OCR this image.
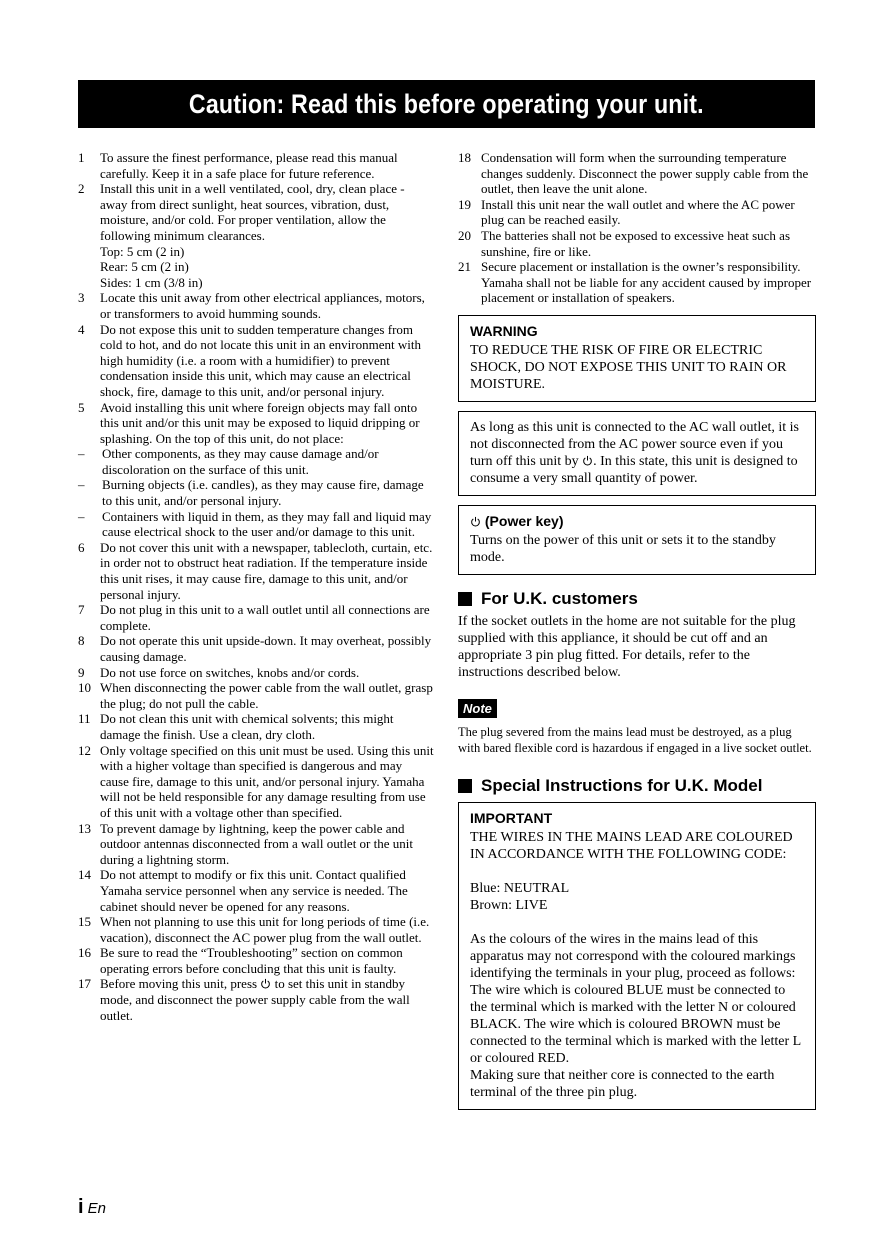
Caution: Read this before operating your unit.
1 To assure the finest performance, please read this manual carefully. Keep it in a safe place for future reference.
2 Install this unit in a well ventilated, cool, dry, clean place - away from direct sunlight, heat sources, vibration, dust, moisture, and/or cold. For proper ventilation, allow the following minimum clearances.
Top: 5 cm (2 in)
Rear: 5 cm (2 in)
Sides: 1 cm (3/8 in)
3 Locate this unit away from other electrical appliances, motors, or transformers to avoid humming sounds.
4 Do not expose this unit to sudden temperature changes from cold to hot, and do not locate this unit in an environment with high humidity (i.e. a room with a humidifier) to prevent condensation inside this unit, which may cause an electrical shock, fire, damage to this unit, and/or personal injury.
5 Avoid installing this unit where foreign objects may fall onto this unit and/or this unit may be exposed to liquid dripping or splashing. On the top of this unit, do not place:
– Other components, as they may cause damage and/or discoloration on the surface of this unit.
– Burning objects (i.e. candles), as they may cause fire, damage to this unit, and/or personal injury.
– Containers with liquid in them, as they may fall and liquid may cause electrical shock to the user and/or damage to this unit.
6 Do not cover this unit with a newspaper, tablecloth, curtain, etc. in order not to obstruct heat radiation. If the temperature inside this unit rises, it may cause fire, damage to this unit, and/or personal injury.
7 Do not plug in this unit to a wall outlet until all connections are complete.
8 Do not operate this unit upside-down. It may overheat, possibly causing damage.
9 Do not use force on switches, knobs and/or cords.
10 When disconnecting the power cable from the wall outlet, grasp the plug; do not pull the cable.
11 Do not clean this unit with chemical solvents; this might damage the finish. Use a clean, dry cloth.
12 Only voltage specified on this unit must be used. Using this unit with a higher voltage than specified is dangerous and may cause fire, damage to this unit, and/or personal injury. Yamaha will not be held responsible for any damage resulting from use of this unit with a voltage other than specified.
13 To prevent damage by lightning, keep the power cable and outdoor antennas disconnected from a wall outlet or the unit during a lightning storm.
14 Do not attempt to modify or fix this unit. Contact qualified Yamaha service personnel when any service is needed. The cabinet should never be opened for any reasons.
15 When not planning to use this unit for long periods of time (i.e. vacation), disconnect the AC power plug from the wall outlet.
16 Be sure to read the “Troubleshooting” section on common operating errors before concluding that this unit is faulty.
17 Before moving this unit, press to set this unit in standby mode, and disconnect the power supply cable from the wall outlet.
18 Condensation will form when the surrounding temperature changes suddenly. Disconnect the power supply cable from the outlet, then leave the unit alone.
19 Install this unit near the wall outlet and where the AC power plug can be reached easily.
20 The batteries shall not be exposed to excessive heat such as sunshine, fire or like.
21 Secure placement or installation is the owner’s responsibility. Yamaha shall not be liable for any accident caused by improper placement or installation of speakers.
WARNING
TO REDUCE THE RISK OF FIRE OR ELECTRIC SHOCK, DO NOT EXPOSE THIS UNIT TO RAIN OR MOISTURE.
As long as this unit is connected to the AC wall outlet, it is not disconnected from the AC power source even if you turn off this unit by . In this state, this unit is designed to consume a very small quantity of power.
(Power key)
Turns on the power of this unit or sets it to the standby mode.
For U.K. customers

If the socket outlets in the home are not suitable for the plug supplied with this appliance, it should be cut off and an appropriate 3 pin plug fitted. For details, refer to the instructions described below.

Note

The plug severed from the mains lead must be destroyed, as a plug with bared flexible cord is hazardous if engaged in a live socket outlet.

Special Instructions for U.K. Model
IMPORTANT
THE WIRES IN THE MAINS LEAD ARE COLOURED IN ACCORDANCE WITH THE FOLLOWING CODE:
Blue: NEUTRAL
Brown: LIVE
As the colours of the wires in the mains lead of this apparatus may not correspond with the coloured markings identifying the terminals in your plug, proceed as follows:
The wire which is coloured BLUE must be connected to the terminal which is marked with the letter N or coloured BLACK. The wire which is coloured BROWN must be connected to the terminal which is marked with the letter L or coloured RED.
Making sure that neither core is connected to the earth terminal of the three pin plug.
i En
